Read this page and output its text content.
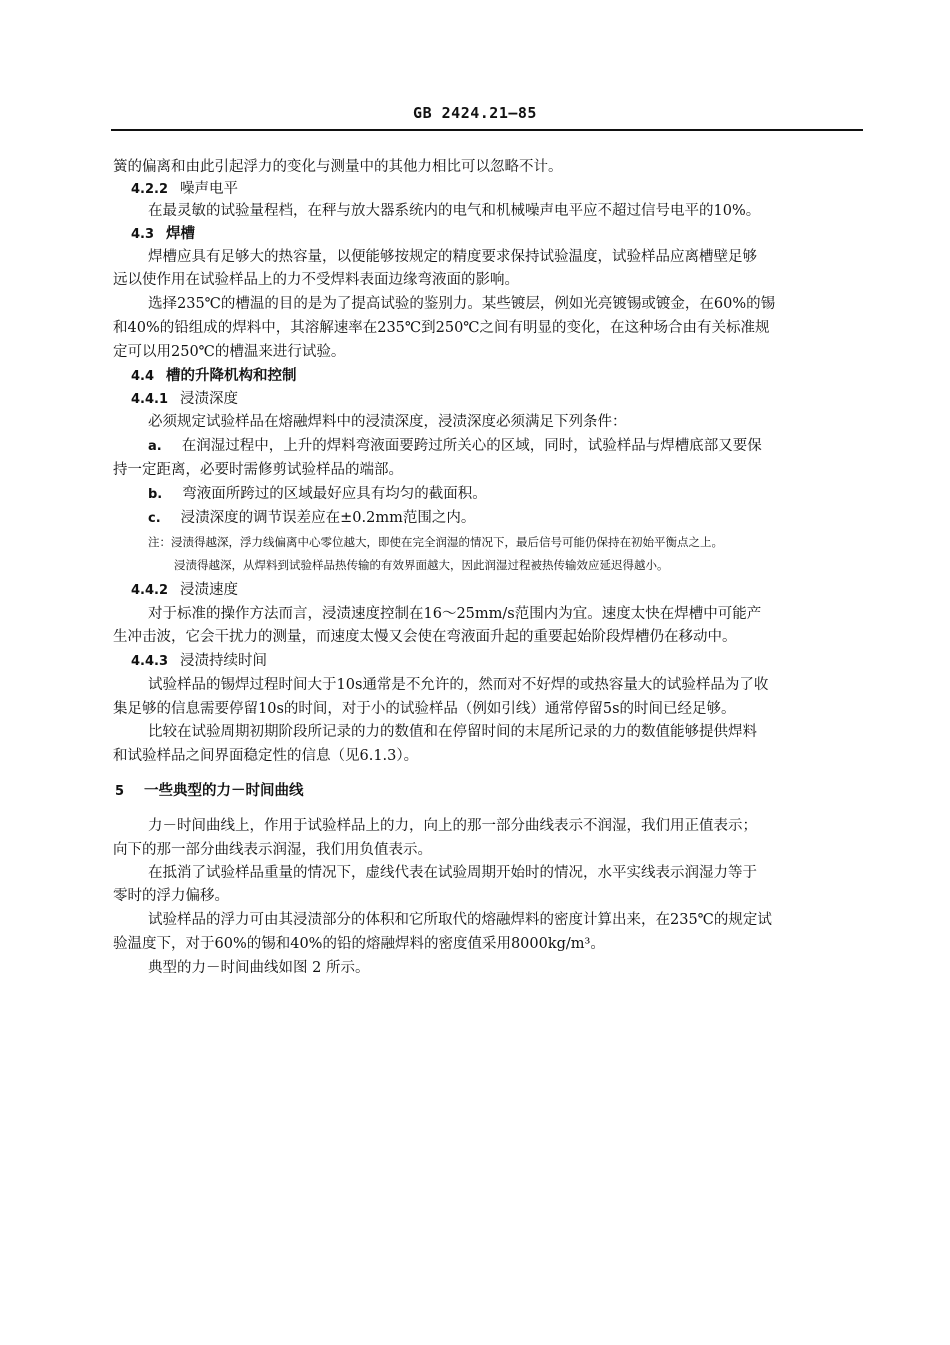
GB 2424.21—85
簧的偏离和由此引起浮力的变化与测量中的其他力相比可以忽略不计。
4.2.2 噪声电平
在最灵敏的试验量程档，在秤与放大器系统内的电气和机械噪声电平应不超过信号电平的10%。
4.3 焊槽
焊槽应具有足够大的热容量，以便能够按规定的精度要求保持试验温度，试验样品应离槽壁足够
远以使作用在试验样品上的力不受焊料表面边缘弯液面的影响。
选择235℃的槽温的目的是为了提高试验的鉴别力。某些镀层，例如光亮镀锡或镀金，在60%的锡
和40%的铅组成的焊料中，其溶解速率在235℃到250℃之间有明显的变化，在这种场合由有关标准规
定可以用250℃的槽温来进行试验。
4.4 槽的升降机构和控制
4.4.1 浸渍深度
必须规定试验样品在熔融焊料中的浸渍深度，浸渍深度必须满足下列条件：
a. 在润湿过程中，上升的焊料弯液面要跨过所关心的区域，同时，试验样品与焊槽底部又要保
持一定距离，必要时需修剪试验样品的端部。
b. 弯液面所跨过的区域最好应具有均匀的截面积。
c. 浸渍深度的调节误差应在±0.2mm范围之内。
注：浸渍得越深，浮力线偏离中心零位越大，即使在完全润湿的情况下，最后信号可能仍保持在初始平衡点之上。
浸渍得越深，从焊料到试验样品热传输的有效界面越大，因此润湿过程被热传输效应延迟得越小。
4.4.2 浸渍速度
对于标准的操作方法而言，浸渍速度控制在16～25mm/s范围内为宜。速度太快在焊槽中可能产
生冲击波，它会干扰力的测量，而速度太慢又会使在弯液面升起的重要起始阶段焊槽仍在移动中。
4.4.3 浸渍持续时间
试验样品的锡焊过程时间大于10s通常是不允许的，然而对不好焊的或热容量大的试验样品为了收
集足够的信息需要停留10s的时间，对于小的试验样品（例如引线）通常停留5s的时间已经足够。
比较在试验周期初期阶段所记录的力的数值和在停留时间的末尾所记录的力的数值能够提供焊料
和试验样品之间界面稳定性的信息（见6.1.3）。
5 一些典型的力－时间曲线
力－时间曲线上，作用于试验样品上的力，向上的那一部分曲线表示不润湿，我们用正值表示；
向下的那一部分曲线表示润湿，我们用负值表示。
在抵消了试验样品重量的情况下，虚线代表在试验周期开始时的情况，水平实线表示润湿力等于
零时的浮力偏移。
试验样品的浮力可由其浸渍部分的体积和它所取代的熔融焊料的密度计算出来，在235℃的规定试
验温度下，对于60%的锡和40%的铅的熔融焊料的密度值采用8000kg/m³。
典型的力－时间曲线如图 2 所示。
